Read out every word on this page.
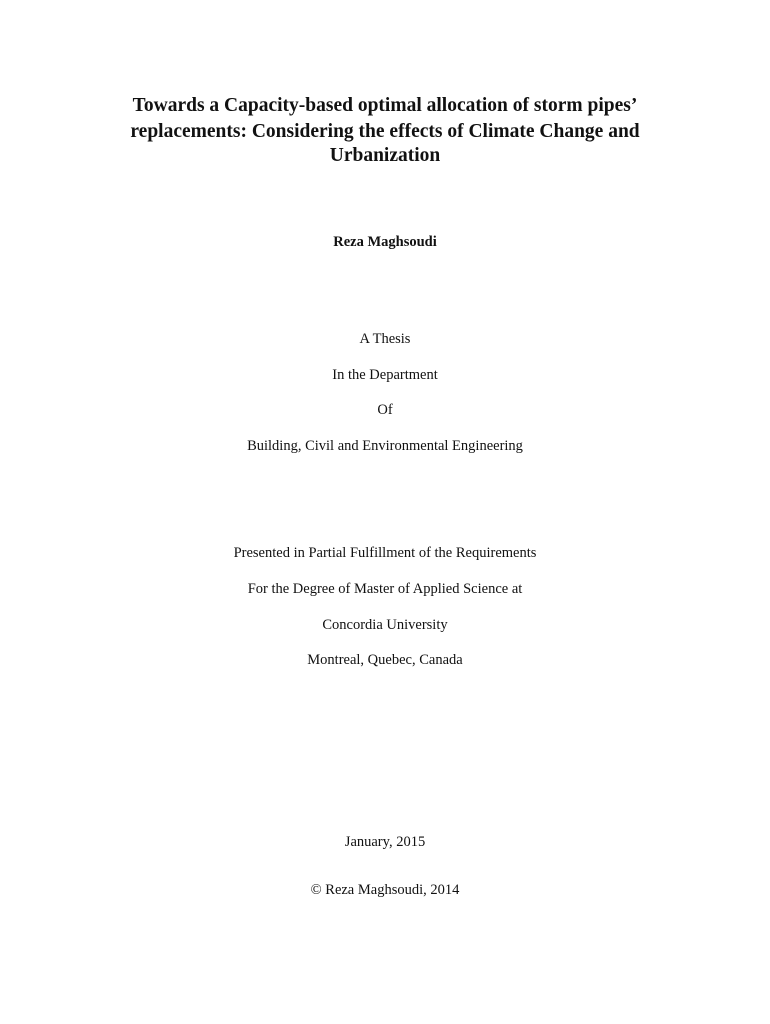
Towards a Capacity-based optimal allocation of storm pipes’
replacements: Considering the effects of Climate Change and
Urbanization
Reza Maghsoudi
A Thesis
In the Department
Of
Building, Civil and Environmental Engineering
Presented in Partial Fulfillment of the Requirements
For the Degree of Master of Applied Science at
Concordia University
Montreal, Quebec, Canada
January, 2015
© Reza Maghsoudi, 2014
